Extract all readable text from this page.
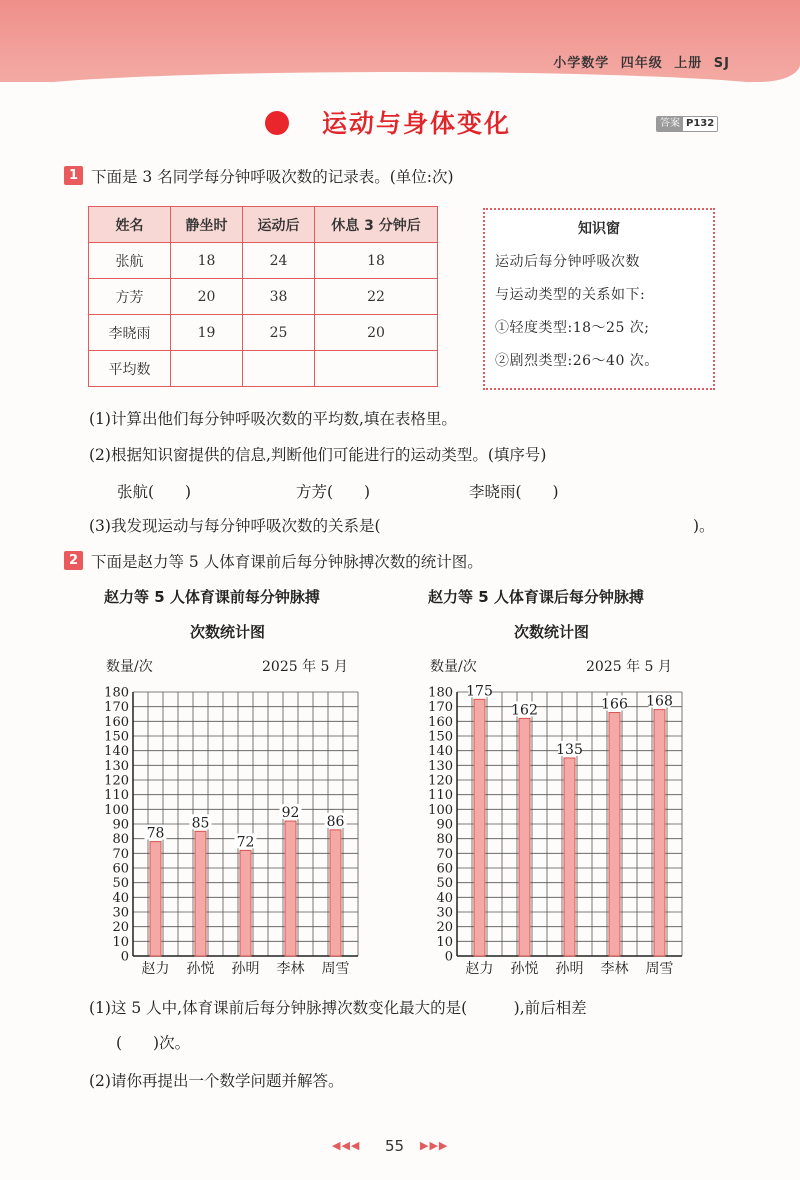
小学数学 四年级 上册 SJ
运动与身体变化	答案 P132
1 下面是 3 名同学每分钟呼吸次数的记录表。(单位:次)
姓名	静坐时	运动后	休息 3 分钟后
张航	18	24	18
方芳	20	38	22
李晓雨	19	25	20
平均数			
知识窗
运动后每分钟呼吸次数
与运动类型的关系如下:
①轻度类型:18～25 次;
②剧烈类型:26～40 次。
(1)计算出他们每分钟呼吸次数的平均数,填在表格里。
(2)根据知识窗提供的信息,判断他们可能进行的运动类型。(填序号)
张航(　　)	方芳(　　)	李晓雨(　　)
(3)我发现运动与每分钟呼吸次数的关系是(	)。
2 下面是赵力等 5 人体育课前后每分钟脉搏次数的统计图。
赵力等 5 人体育课前每分钟脉搏
次数统计图
数量/次	2025 年 5 月
0
10
20
30
40
50
60
70
80
90
100
110
120
130
140
150
160
170
180
78
赵力
85
孙悦
72
孙明
92
李林
86
周雪
赵力等 5 人体育课后每分钟脉搏
次数统计图
数量/次	2025 年 5 月
0
10
20
30
40
50
60
70
80
90
100
110
120
130
140
150
160
170
180 175
赵力
162
孙悦
135
孙明
166
李林
168
周雪
(1)这 5 人中,体育课前后每分钟脉搏次数变化最大的是(　　　),前后相差
(　　)次。
(2)请你再提出一个数学问题并解答。
◀◀◀ 55 ▶▶▶
